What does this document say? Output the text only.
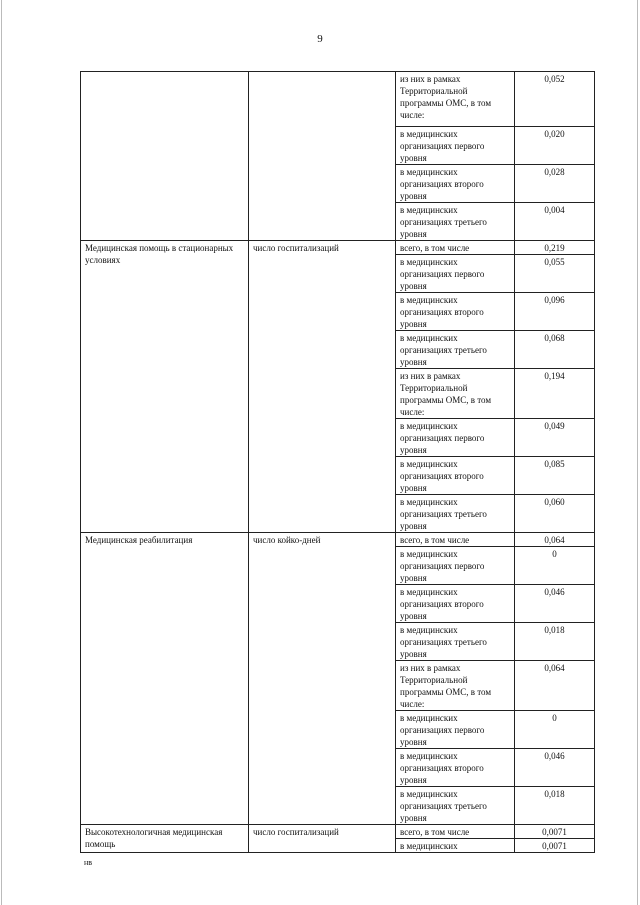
9
		из них в рамках Территориальной программы ОМС, в том числе:	0,052
		в медицинских организациях первого уровня	0,020
		в медицинских организациях второго уровня	0,028
		в медицинских организациях третьего уровня	0,004
Медицинская помощь в стационарных условиях	число госпитализаций	всего, в том числе	0,219
		в медицинских организациях первого уровня	0,055
		в медицинских организациях второго уровня	0,096
		в медицинских организациях третьего уровня	0,068
		из них в рамках Территориальной программы ОМС, в том числе:	0,194
		в медицинских организациях первого уровня	0,049
		в медицинских организациях второго уровня	0,085
		в медицинских организациях третьего уровня	0,060
Медицинская реабилитация	число койко-дней	всего, в том числе	0,064
		в медицинских организациях первого уровня	0
		в медицинских организациях второго уровня	0,046
		в медицинских организациях третьего уровня	0,018
		из них в рамках Территориальной программы ОМС, в том числе:	0,064
		в медицинских организациях первого уровня	0
		в медицинских организациях второго уровня	0,046
		в медицинских организациях третьего уровня	0,018
Высокотехнологичная медицинская помощь	число госпитализаций	всего, в том числе	0,0071
		в медицинских	0,0071
нв
